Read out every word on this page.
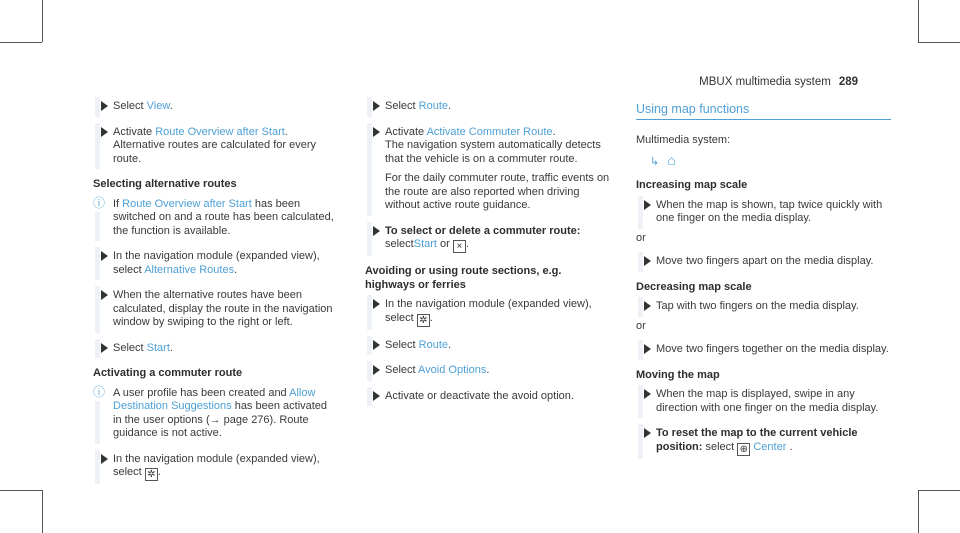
MBUX multimedia system 289
Select View.
Activate Route Overview after Start.
Alternative routes are calculated for every route.
Selecting alternative routes
ⓘ If Route Overview after Start has been switched on and a route has been calculated, the function is available.
In the navigation module (expanded view), select Alternative Routes.
When the alternative routes have been calculated, display the route in the navigation window by swiping to the right or left.
Select Start.
Activating a commuter route
ⓘ A user profile has been created and Allow Destination Suggestions has been activated in the user options (→ page 276). Route guidance is not active.
In the navigation module (expanded view), select ✲ .
Select Route.
Activate Activate Commuter Route.
The navigation system automatically detects that the vehicle is on a commuter route.
For the daily commuter route, traffic events on the route are also reported when driving without active route guidance.
To select or delete a commuter route:
selectStart or × .
Avoiding or using route sections, e.g. highways or ferries
In the navigation module (expanded view), select ✲ .
Select Route.
Select Avoid Options.
Activate or deactivate the avoid option.
Using map functions
Multimedia system:
↳ ⌂
Increasing map scale
When the map is shown, tap twice quickly with one finger on the media display.
or
Move two fingers apart on the media display.
Decreasing map scale
Tap with two fingers on the media display.
or
Move two fingers together on the media display.
Moving the map
When the map is displayed, swipe in any direction with one finger on the media display.
To reset the map to the current vehicle position: select ⊕ Center .
